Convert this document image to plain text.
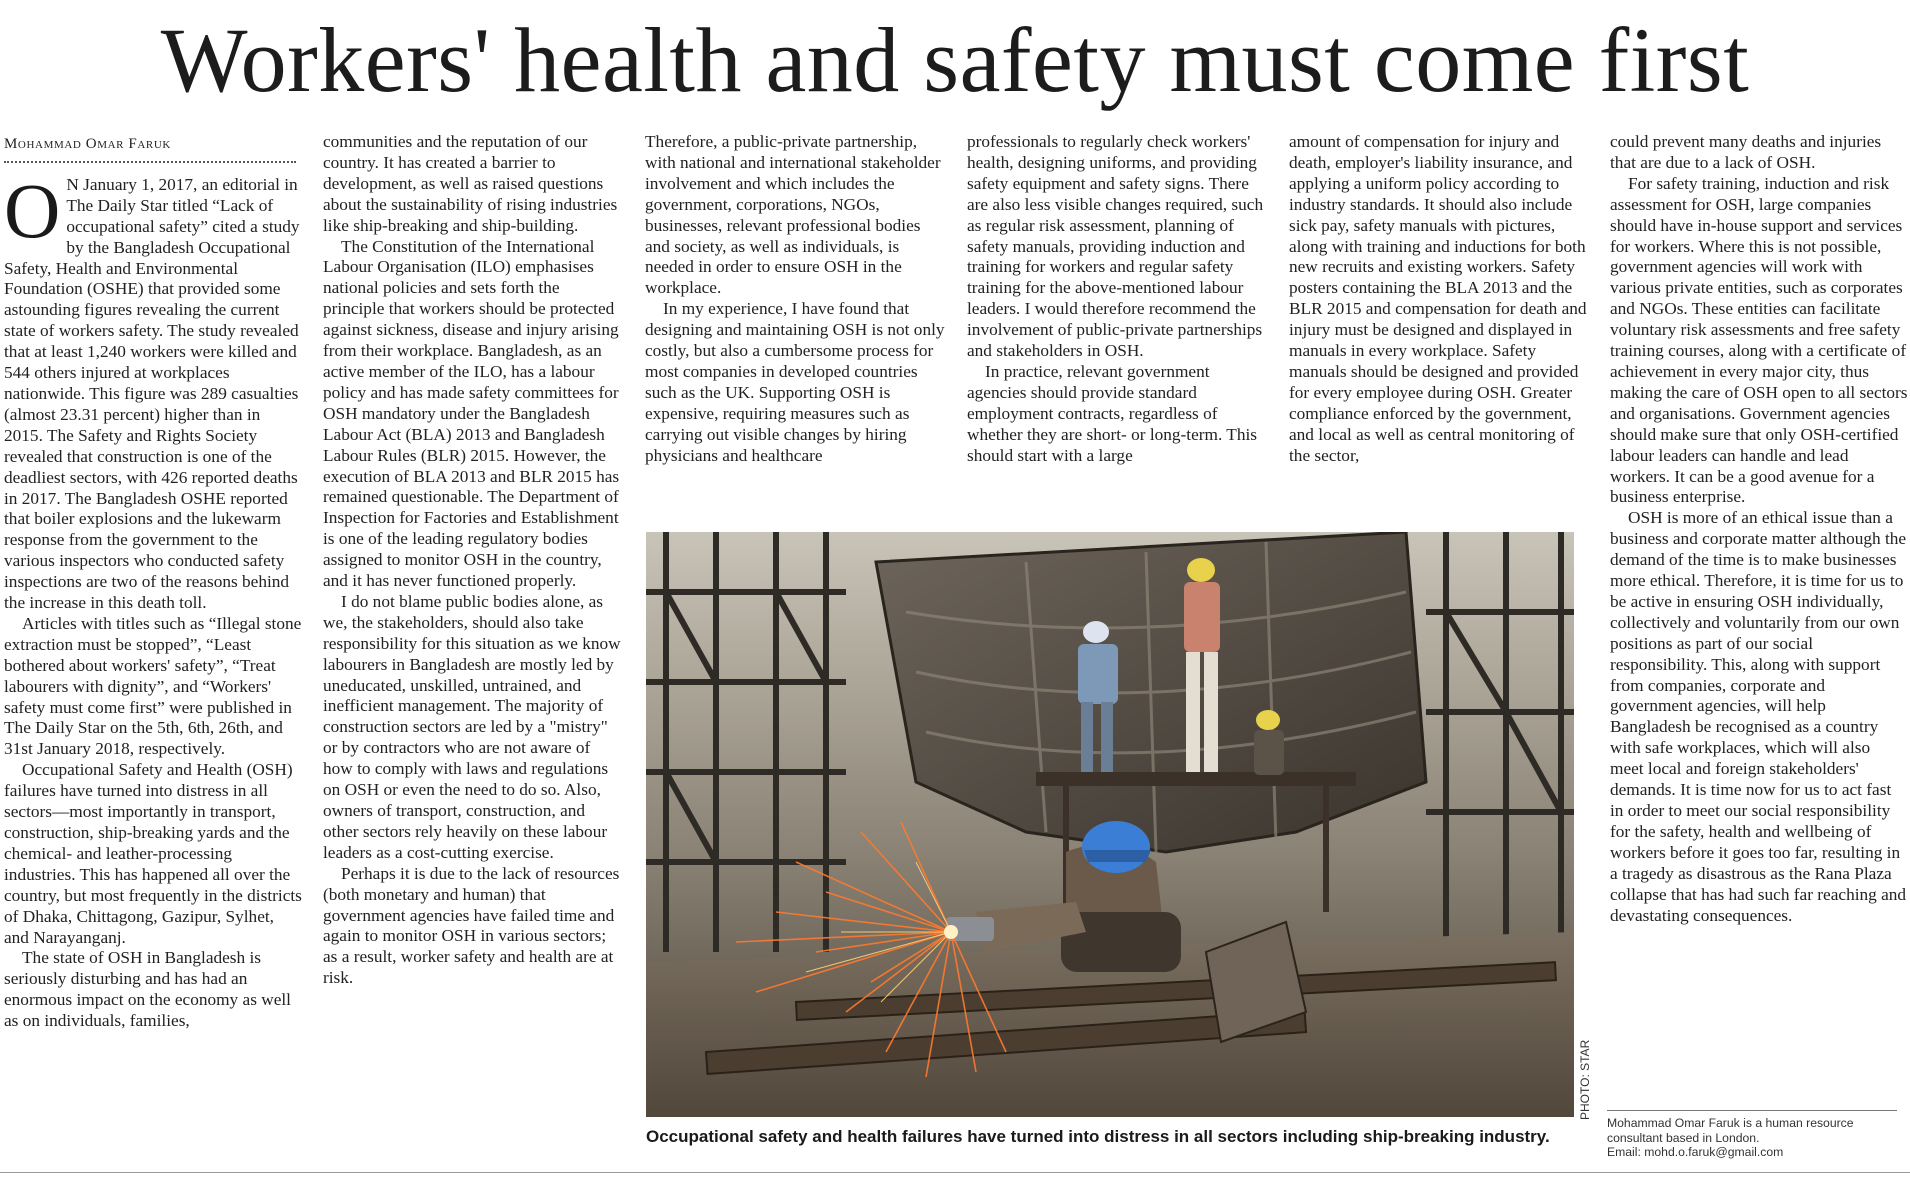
Workers' health and safety must come first
Mohammad Omar Faruk
O N January 1, 2017, an editorial in The Daily Star titled “Lack of occupational safety” cited a study by the Bangladesh Occupational Safety, Health and Environmental Foundation (OSHE) that provided some astounding figures revealing the current state of workers safety. The study revealed that at least 1,240 workers were killed and 544 others injured at workplaces nationwide. This figure was 289 casualties (almost 23.31 percent) higher than in 2015. The Safety and Rights Society revealed that construction is one of the deadliest sectors, with 426 reported deaths in 2017. The Bangladesh OSHE reported that boiler explosions and the lukewarm response from the government to the various inspectors who conducted safety inspections are two of the reasons behind the increase in this death toll.

Articles with titles such as “Illegal stone extraction must be stopped”, “Least bothered about workers' safety”, “Treat labourers with dignity”, and “Workers' safety must come first” were published in The Daily Star on the 5th, 6th, 26th, and 31st January 2018, respectively.

Occupational Safety and Health (OSH) failures have turned into distress in all sectors—most importantly in transport, construction, ship-breaking yards and the chemical- and leather-processing industries. This has happened all over the country, but most frequently in the districts of Dhaka, Chittagong, Gazipur, Sylhet, and Narayanganj.

The state of OSH in Bangladesh is seriously disturbing and has had an enormous impact on the economy as well as on individuals, families,

communities and the reputation of our country. It has created a barrier to development, as well as raised questions about the sustainability of rising industries like ship-breaking and ship-building.

The Constitution of the International Labour Organisation (ILO) emphasises national policies and sets forth the principle that workers should be protected against sickness, disease and injury arising from their workplace. Bangladesh, as an active member of the ILO, has a labour policy and has made safety committees for OSH mandatory under the Bangladesh Labour Act (BLA) 2013 and Bangladesh Labour Rules (BLR) 2015. However, the execution of BLA 2013 and BLR 2015 has remained questionable. The Department of Inspection for Factories and Establishment is one of the leading regulatory bodies assigned to monitor OSH in the country, and it has never functioned properly.

I do not blame public bodies alone, as we, the stakeholders, should also take responsibility for this situation as we know labourers in Bangladesh are mostly led by uneducated, unskilled, untrained, and inefficient management. The majority of construction sectors are led by a "mistry" or by contractors who are not aware of how to comply with laws and regulations on OSH or even the need to do so. Also, owners of transport, construction, and other sectors rely heavily on these labour leaders as a cost-cutting exercise.

Perhaps it is due to the lack of resources (both monetary and human) that government agencies have failed time and again to monitor OSH in various sectors; as a result, worker safety and health are at risk.

Therefore, a public-private partnership, with national and international stakeholder involvement and which includes the government, corporations, NGOs, businesses, relevant professional bodies and society, as well as individuals, is needed in order to ensure OSH in the workplace.

In my experience, I have found that designing and maintaining OSH is not only costly, but also a cumbersome process for most companies in developed countries such as the UK. Supporting OSH is expensive, requiring measures such as carrying out visible changes by hiring physicians and healthcare

professionals to regularly check workers' health, designing uniforms, and providing safety equipment and safety signs. There are also less visible changes required, such as regular risk assessment, planning of safety manuals, providing induction and training for workers and regular safety training for the above-mentioned labour leaders. I would therefore recommend the involvement of public-private partnerships and stakeholders in OSH.

In practice, relevant government agencies should provide standard employment contracts, regardless of whether they are short- or long-term. This should start with a large

amount of compensation for injury and death, employer's liability insurance, and applying a uniform policy according to industry standards. It should also include sick pay, safety manuals with pictures, along with training and inductions for both new recruits and existing workers. Safety posters containing the BLA 2013 and the BLR 2015 and compensation for death and injury must be designed and displayed in manuals in every workplace. Safety manuals should be designed and provided for every employee during OSH. Greater compliance enforced by the government, and local as well as central monitoring of the sector,

could prevent many deaths and injuries that are due to a lack of OSH.

For safety training, induction and risk assessment for OSH, large companies should have in-house support and services for workers. Where this is not possible, government agencies will work with various private entities, such as corporates and NGOs. These entities can facilitate voluntary risk assessments and free safety training courses, along with a certificate of achievement in every major city, thus making the care of OSH open to all sectors and organisations. Government agencies should make sure that only OSH-certified labour leaders can handle and lead workers. It can be a good avenue for a business enterprise.

OSH is more of an ethical issue than a business and corporate matter although the demand of the time is to make businesses more ethical. Therefore, it is time for us to be active in ensuring OSH individually, collectively and voluntarily from our own positions as part of our social responsibility. This, along with support from companies, corporate and government agencies, will help Bangladesh be recognised as a country with safe workplaces, which will also meet local and foreign stakeholders' demands. It is time now for us to act fast in order to meet our social responsibility for the safety, health and wellbeing of workers before it goes too far, resulting in a tragedy as disastrous as the Rana Plaza collapse that has had such far reaching and devastating consequences.

PHOTO: STAR
Occupational safety and health failures have turned into distress in all sectors including ship-breaking industry.
Mohammad Omar Faruk is a human resource
consultant based in London.
Email: mohd.o.faruk@gmail.com
